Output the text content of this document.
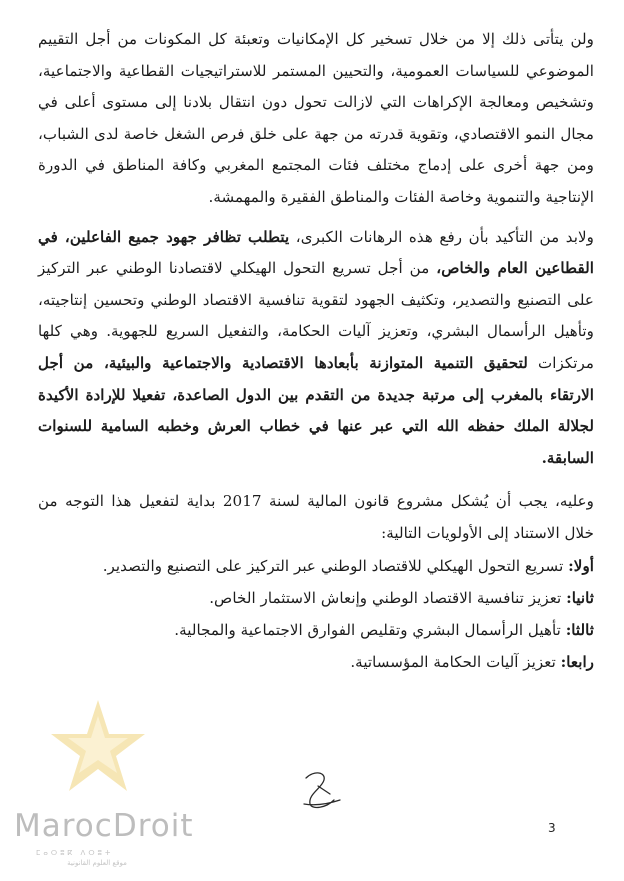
MarocDroit
ⵎⴰⵔⵓⴽ ⴷⵔⵓⵜ
موقع العلوم القانونية

ولن يتأتى ذلك إلا من خلال تسخير كل الإمكانيات وتعبئة كل المكونات من أجل التقييم الموضوعي للسياسات العمومية، والتحيين المستمر للاستراتيجيات القطاعية والاجتماعية، وتشخيص ومعالجة الإكراهات التي لازالت تحول دون انتقال بلادنا إلى مستوى أعلى في مجال النمو الاقتصادي، وتقوية قدرته من جهة على خلق فرص الشغل خاصة لدى الشباب، ومن جهة أخرى على إدماج مختلف فئات المجتمع المغربي وكافة المناطق في الدورة الإنتاجية والتنموية وخاصة الفئات والمناطق الفقيرة والمهمشة.

ولابد من التأكيد بأن رفع هذه الرهانات الكبرى، يتطلب تظافر جهود جميع الفاعلين، في القطاعين العام والخاص، من أجل تسريع التحول الهيكلي لاقتصادنا الوطني عبر التركيز على التصنيع والتصدير، وتكثيف الجهود لتقوية تنافسية الاقتصاد الوطني وتحسين إنتاجيته، وتأهيل الرأسمال البشري، وتعزيز آليات الحكامة، والتفعيل السريع للجهوية. وهي كلها مرتكزات لتحقيق التنمية المتوازنة بأبعادها الاقتصادية والاجتماعية والبيئية، من أجل الارتقاء بالمغرب إلى مرتبة جديدة من التقدم بين الدول الصاعدة، تفعيلا للإرادة الأكيدة لجلالة الملك حفظه الله التي عبر عنها في خطاب العرش وخطبه السامية للسنوات السابقة.

وعليه، يجب أن يُشكل مشروع قانون المالية لسنة 2017 بداية لتفعيل هذا التوجه من خلال الاستناد إلى الأولويات التالية:

أولا: تسريع التحول الهيكلي للاقتصاد الوطني عبر التركيز على التصنيع والتصدير.
ثانيا: تعزيز تنافسية الاقتصاد الوطني وإنعاش الاستثمار الخاص.
ثالثا: تأهيل الرأسمال البشري وتقليص الفوارق الاجتماعية والمجالية.
رابعا: تعزيز آليات الحكامة المؤسساتية.
3
